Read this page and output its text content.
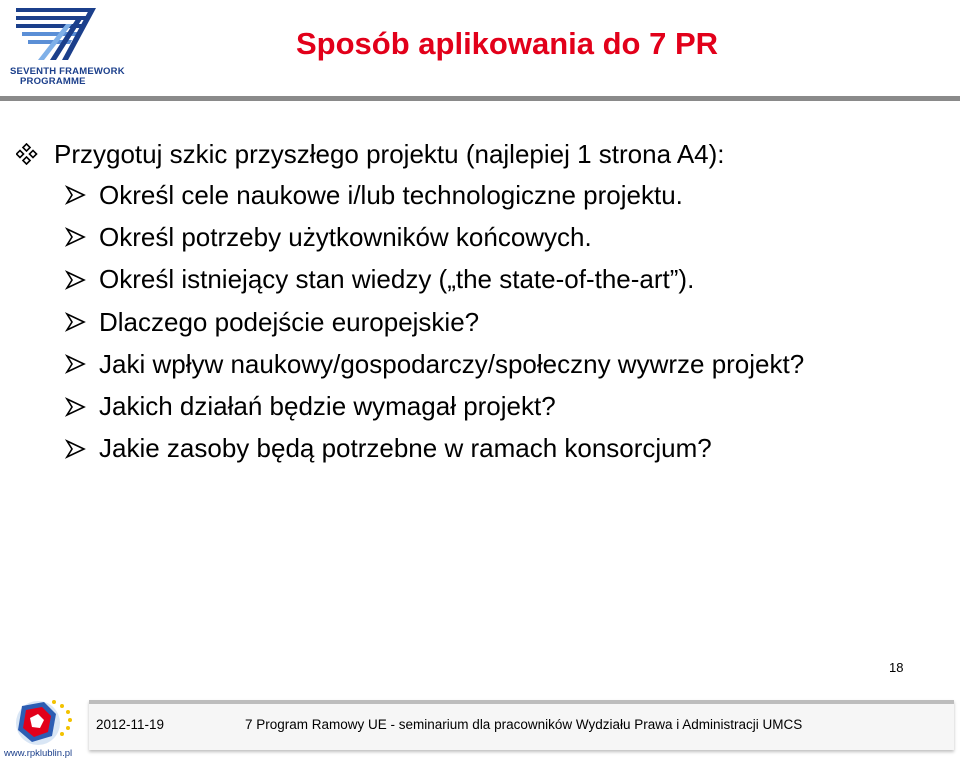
SEVENTH FRAMEWORK
PROGRAMME
Sposób aplikowania do 7 PR
Przygotuj szkic przyszłego projektu (najlepiej 1 strona A4):
Określ cele naukowe i/lub technologiczne projektu.
Określ potrzeby użytkowników końcowych.
Określ istniejący stan wiedzy („the state-of-the-art”).
Dlaczego podejście europejskie?
Jaki wpływ naukowy/gospodarczy/społeczny wywrze projekt?
Jakich działań będzie wymagał projekt?
Jakie zasoby będą potrzebne w ramach konsorcjum?
18
2012-11-19	7 Program Ramowy UE - seminarium dla pracowników Wydziału Prawa i Administracji UMCS
www.rpklublin.pl
